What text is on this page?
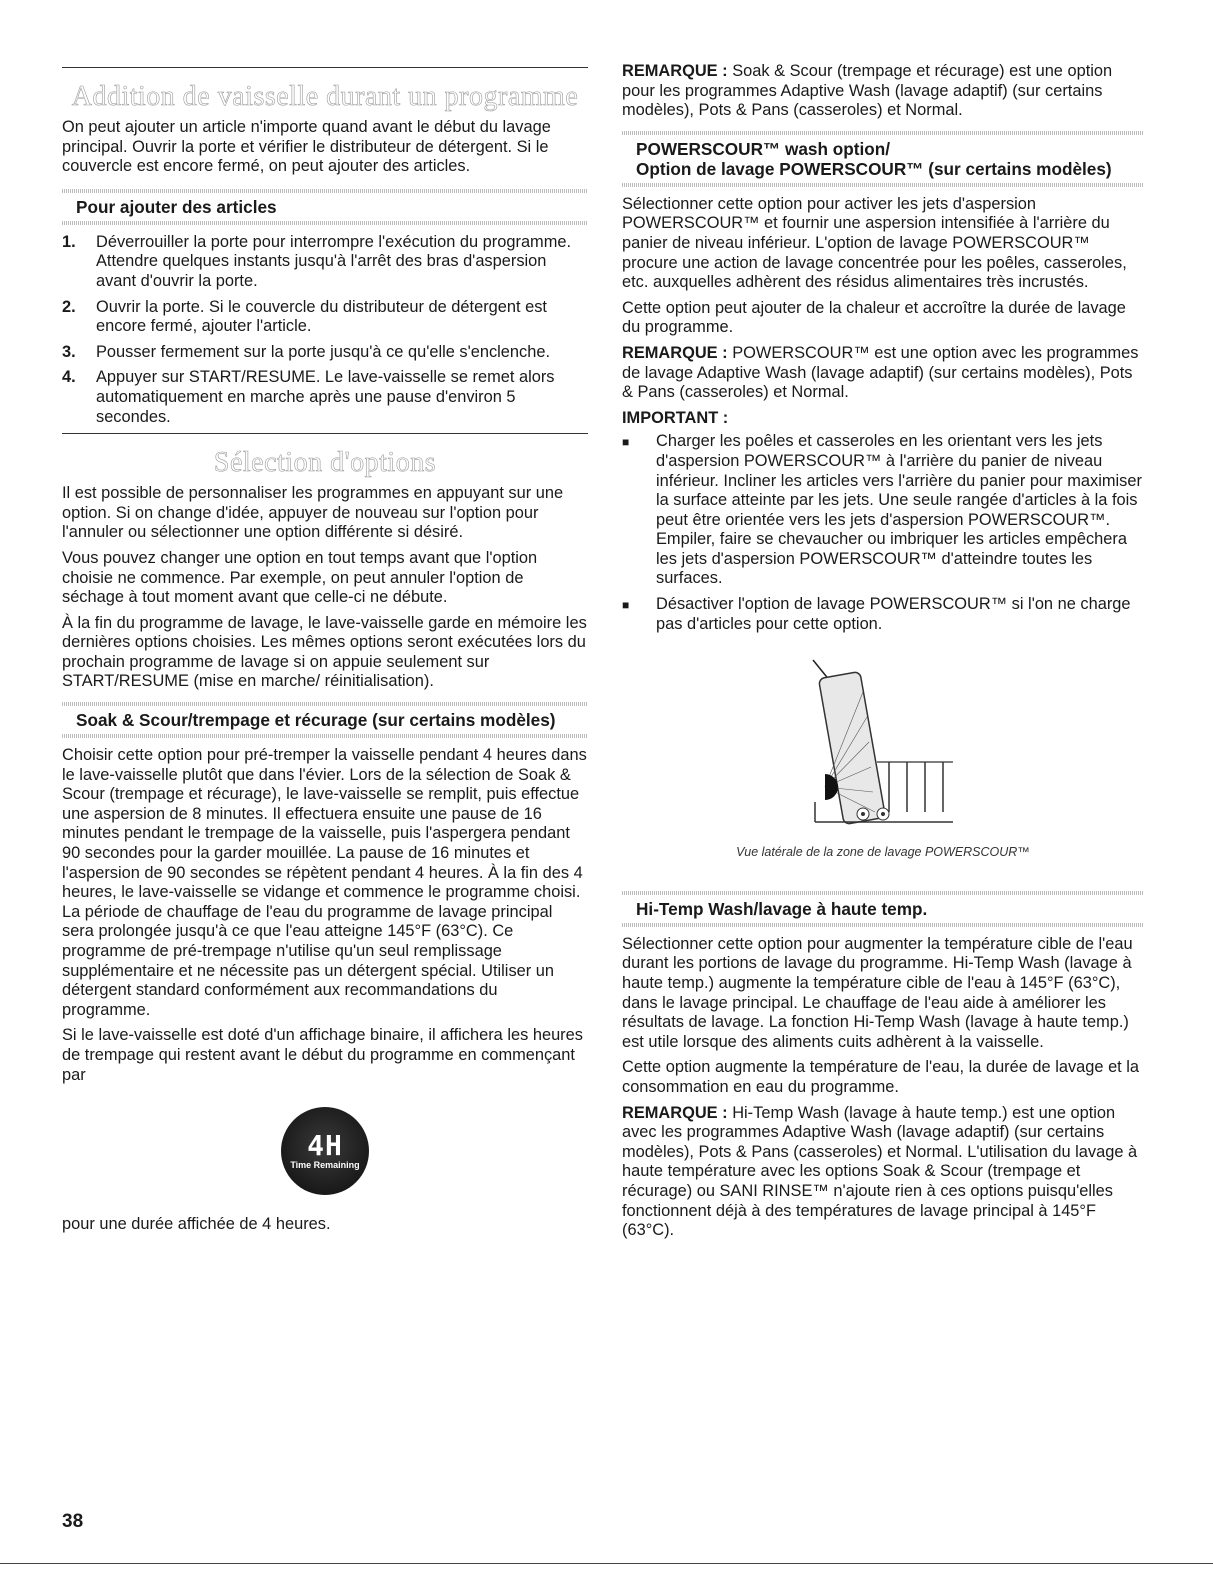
Addition de vaisselle durant un programme

On peut ajouter un article n'importe quand avant le début du lavage principal. Ouvrir la porte et vérifier le distributeur de détergent. Si le couvercle est encore fermé, on peut ajouter des articles.

Pour ajouter des articles
1.	Déverrouiller la porte pour interrompre l'exécution du programme. Attendre quelques instants jusqu'à l'arrêt des bras d'aspersion avant d'ouvrir la porte.
2.	Ouvrir la porte. Si le couvercle du distributeur de détergent est encore fermé, ajouter l'article.
3.	Pousser fermement sur la porte jusqu'à ce qu'elle s'enclenche.
4.	Appuyer sur START/RESUME. Le lave-vaisselle se remet alors automatiquement en marche après une pause d'environ 5 secondes.
Sélection d'options

Il est possible de personnaliser les programmes en appuyant sur une option. Si on change d'idée, appuyer de nouveau sur l'option pour l'annuler ou sélectionner une option différente si désiré.

Vous pouvez changer une option en tout temps avant que l'option choisie ne commence. Par exemple, on peut annuler l'option de séchage à tout moment avant que celle-ci ne débute.

À la fin du programme de lavage, le lave-vaisselle garde en mémoire les dernières options choisies. Les mêmes options seront exécutées lors du prochain programme de lavage si on appuie seulement sur START/RESUME (mise en marche/ réinitialisation).

Soak & Scour/trempage et récurage (sur certains modèles)

Choisir cette option pour pré-tremper la vaisselle pendant 4 heures dans le lave-vaisselle plutôt que dans l'évier. Lors de la sélection de Soak & Scour (trempage et récurage), le lave-vaisselle se remplit, puis effectue une aspersion de 8 minutes. Il effectuera ensuite une pause de 16 minutes pendant le trempage de la vaisselle, puis l'aspergera pendant 90 secondes pour la garder mouillée. La pause de 16 minutes et l'aspersion de 90 secondes se répètent pendant 4 heures. À la fin des 4 heures, le lave-vaisselle se vidange et commence le programme choisi. La période de chauffage de l'eau du programme de lavage principal sera prolongée jusqu'à ce que l'eau atteigne 145°F (63°C). Ce programme de pré-trempage n'utilise qu'un seul remplissage supplémentaire et ne nécessite pas un détergent spécial. Utiliser un détergent standard conformément aux recommandations du programme.

Si le lave-vaisselle est doté d'un affichage binaire, il affichera les heures de trempage qui restent avant le début du programme en commençant par

4H
Time Remaining

pour une durée affichée de 4 heures.

REMARQUE : Soak & Scour (trempage et récurage) est une option pour les programmes Adaptive Wash (lavage adaptif) (sur certains modèles), Pots & Pans (casseroles) et Normal.

POWERSCOUR™ wash option/
Option de lavage POWERSCOUR™ (sur certains modèles)

Sélectionner cette option pour activer les jets d'aspersion POWERSCOUR™ et fournir une aspersion intensifiée à l'arrière du panier de niveau inférieur. L'option de lavage POWERSCOUR™ procure une action de lavage concentrée pour les poêles, casseroles, etc. auxquelles adhèrent des résidus alimentaires très incrustés.

Cette option peut ajouter de la chaleur et accroître la durée de lavage du programme.

REMARQUE : POWERSCOUR™ est une option avec les programmes de lavage Adaptive Wash (lavage adaptif) (sur certains modèles), Pots & Pans (casseroles) et Normal.

IMPORTANT :

■	Charger les poêles et casseroles en les orientant vers les jets d'aspersion POWERSCOUR™ à l'arrière du panier de niveau inférieur. Incliner les articles vers l'arrière du panier pour maximiser la surface atteinte par les jets. Une seule rangée d'articles à la fois peut être orientée vers les jets d'aspersion POWERSCOUR™. Empiler, faire se chevaucher ou imbriquer les articles empêchera les jets d'aspersion POWERSCOUR™ d'atteindre toutes les surfaces.
■	Désactiver l'option de lavage POWERSCOUR™ si l'on ne charge pas d'articles pour cette option.
Vue latérale de la zone de lavage POWERSCOUR™
Hi-Temp Wash/lavage à haute temp.

Sélectionner cette option pour augmenter la température cible de l'eau durant les portions de lavage du programme. Hi-Temp Wash (lavage à haute temp.) augmente la température cible de l'eau à 145°F (63°C), dans le lavage principal. Le chauffage de l'eau aide à améliorer les résultats de lavage. La fonction Hi-Temp Wash (lavage à haute temp.) est utile lorsque des aliments cuits adhèrent à la vaisselle.

Cette option augmente la température de l'eau, la durée de lavage et la consommation en eau du programme.

REMARQUE : Hi-Temp Wash (lavage à haute temp.) est une option avec les programmes Adaptive Wash (lavage adaptif) (sur certains modèles), Pots & Pans (casseroles) et Normal. L'utilisation du lavage à haute température avec les options Soak & Scour (trempage et récurage) ou SANI RINSE™ n'ajoute rien à ces options puisqu'elles fonctionnent déjà à des températures de lavage principal à 145°F (63°C).

38
